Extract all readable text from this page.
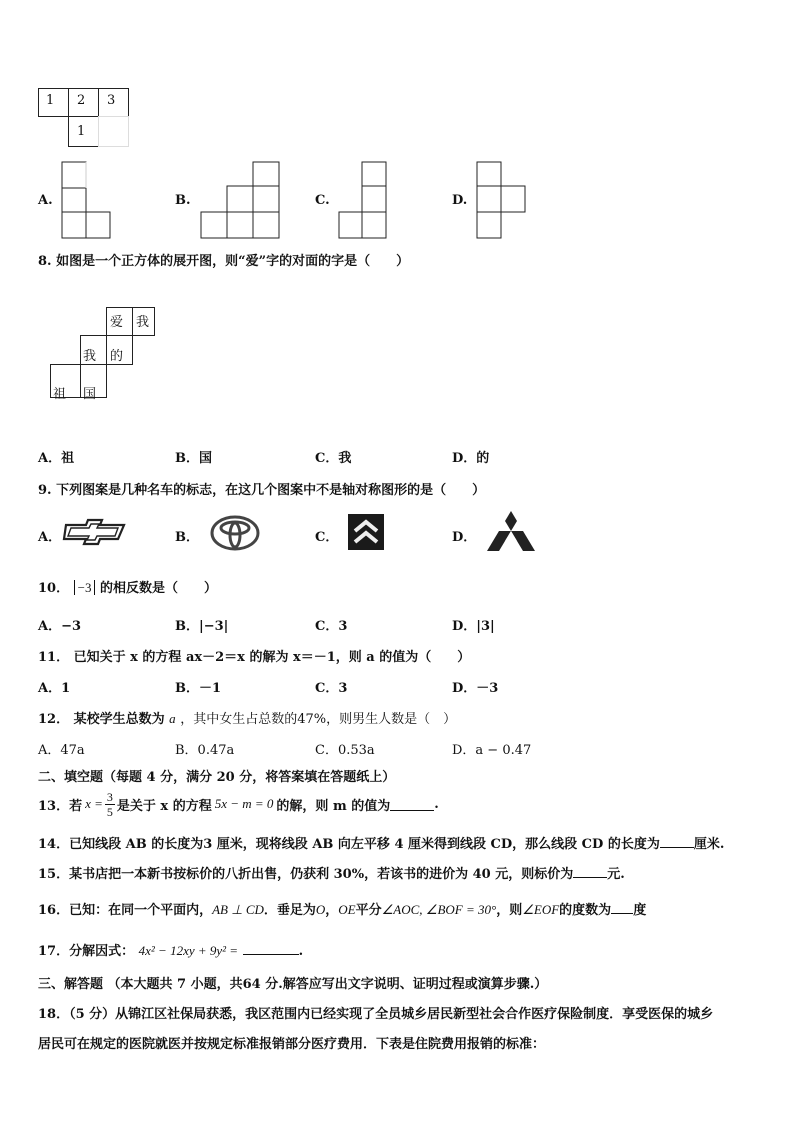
1 2 3
1
A.	B.	C.	D.
8. 如图是一个正方体的展开图，则“爱”字的对面的字是（　　）
爱 我
我 的
祖 国
A．祖	B．国	C．我	D．的
9. 下列图案是几种名车的标志，在这几个图案中不是轴对称图形的是（　　）
A．	B．	C．	D．
10． −3 的相反数是（　　）
A．−3	B．|−3|	C．3	D．|3|
11． 已知关于 x 的方程 ax－2＝x 的解为 x＝－1，则 a 的值为（　　）
A．1	B．－1	C．3	D．－3
12． 某校学生总数为 a ，其中女生占总数的47%，则男生人数是（　）
A．47a	B．0.47a	C．0.53a	D．a − 0.47
二、填空题（每题 4 分，满分 20 分，将答案填在答题纸上）
13． 若 $x = \frac{3}{5}$ 是关于 x 的方程 5x − m = 0 的解，则 m 的值为	.
14．已知线段 AB 的长度为3 厘米，现将线段 AB 向左平移 4 厘米得到线段 CD，那么线段 CD 的长度为	厘米.
15．某书店把一本新书按标价的八折出售，仍获利 30%，若该书的进价为 40 元，则标价为	元.
16．已知：在同一个平面内，AB ⊥ CD．垂足为O，OE平分∠AOC, ∠BOF = 30°，则∠EOF的度数为 度
17．分解因式： 4x² − 12xy + 9y² =	.
三、解答题 （本大题共 7 小题，共64 分.解答应写出文字说明、证明过程或演算步骤.）
18．（5 分）从锦江区社保局获悉，我区范围内已经实现了全员城乡居民新型社会合作医疗保险制度．享受医保的城乡
居民可在规定的医院就医并按规定标准报销部分医疗费用．下表是住院费用报销的标准：
